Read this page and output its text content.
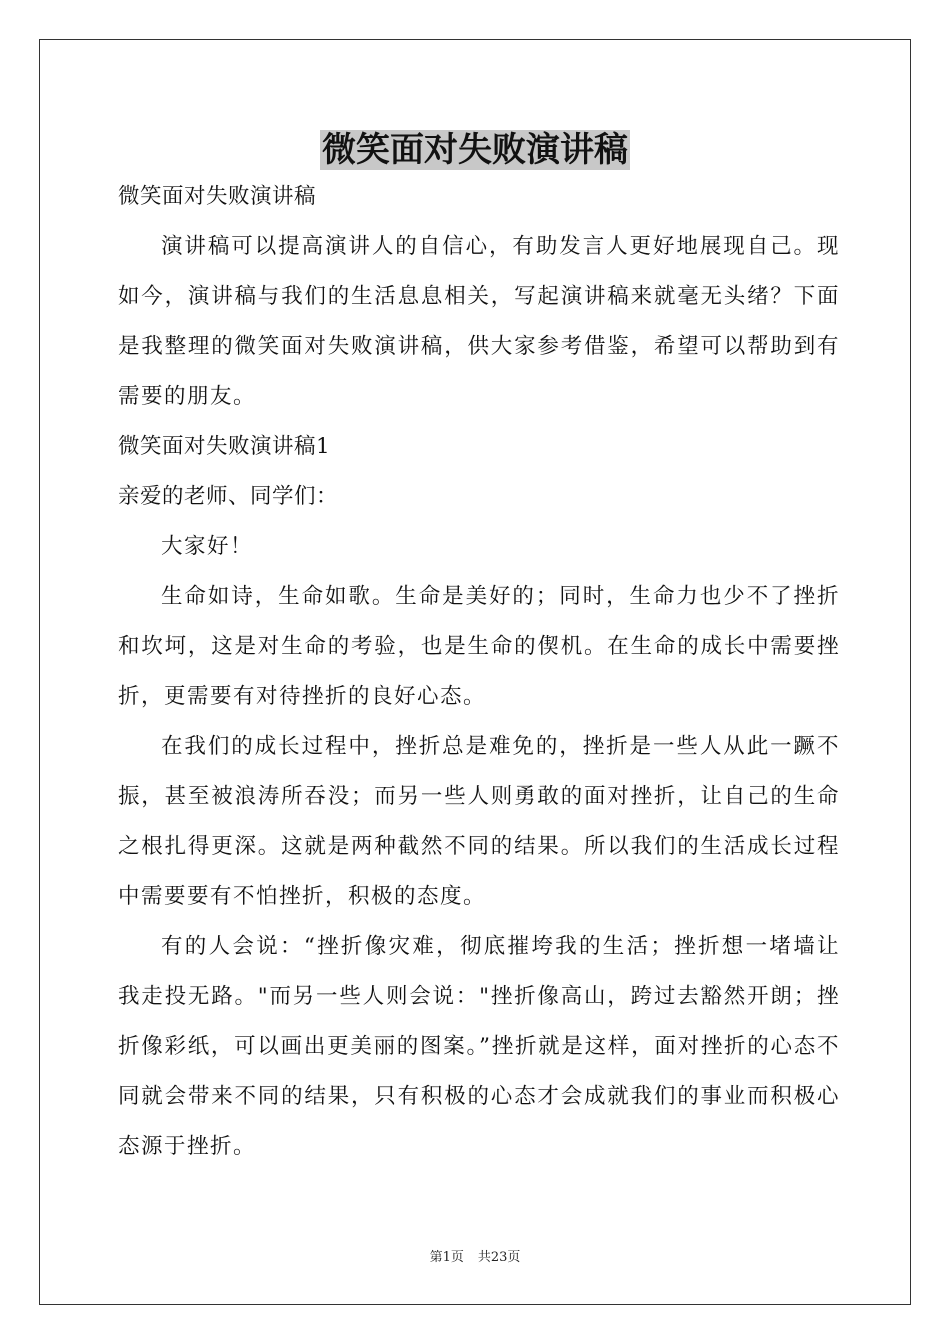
微笑面对失败演讲稿

微笑面对失败演讲稿

演讲稿可以提高演讲人的自信心，有助发言人更好地展现自己。现如今，演讲稿与我们的生活息息相关，写起演讲稿来就毫无头绪？下面是我整理的微笑面对失败演讲稿，供大家参考借鉴，希望可以帮助到有需要的朋友。

微笑面对失败演讲稿1

亲爱的老师、同学们：

大家好！

生命如诗，生命如歌。生命是美好的；同时，生命力也少不了挫折和坎坷，这是对生命的考验，也是生命的偰机。在生命的成长中需要挫折，更需要有对待挫折的良好心态。

在我们的成长过程中，挫折总是难免的，挫折是一些人从此一蹶不振，甚至被浪涛所吞没；而另一些人则勇敢的面对挫折，让自己的生命之根扎得更深。这就是两种截然不同的结果。所以我们的生活成长过程中需要要有不怕挫折，积极的态度。

有的人会说：“挫折像灾难，彻底摧垮我的生活；挫折想一堵墙让我走投无路。"而另一些人则会说："挫折像高山，跨过去豁然开朗；挫折像彩纸，可以画出更美丽的图案。”挫折就是这样，面对挫折的心态不同就会带来不同的结果，只有积极的心态才会成就我们的事业而积极心态源于挫折。

第1页 共23页
